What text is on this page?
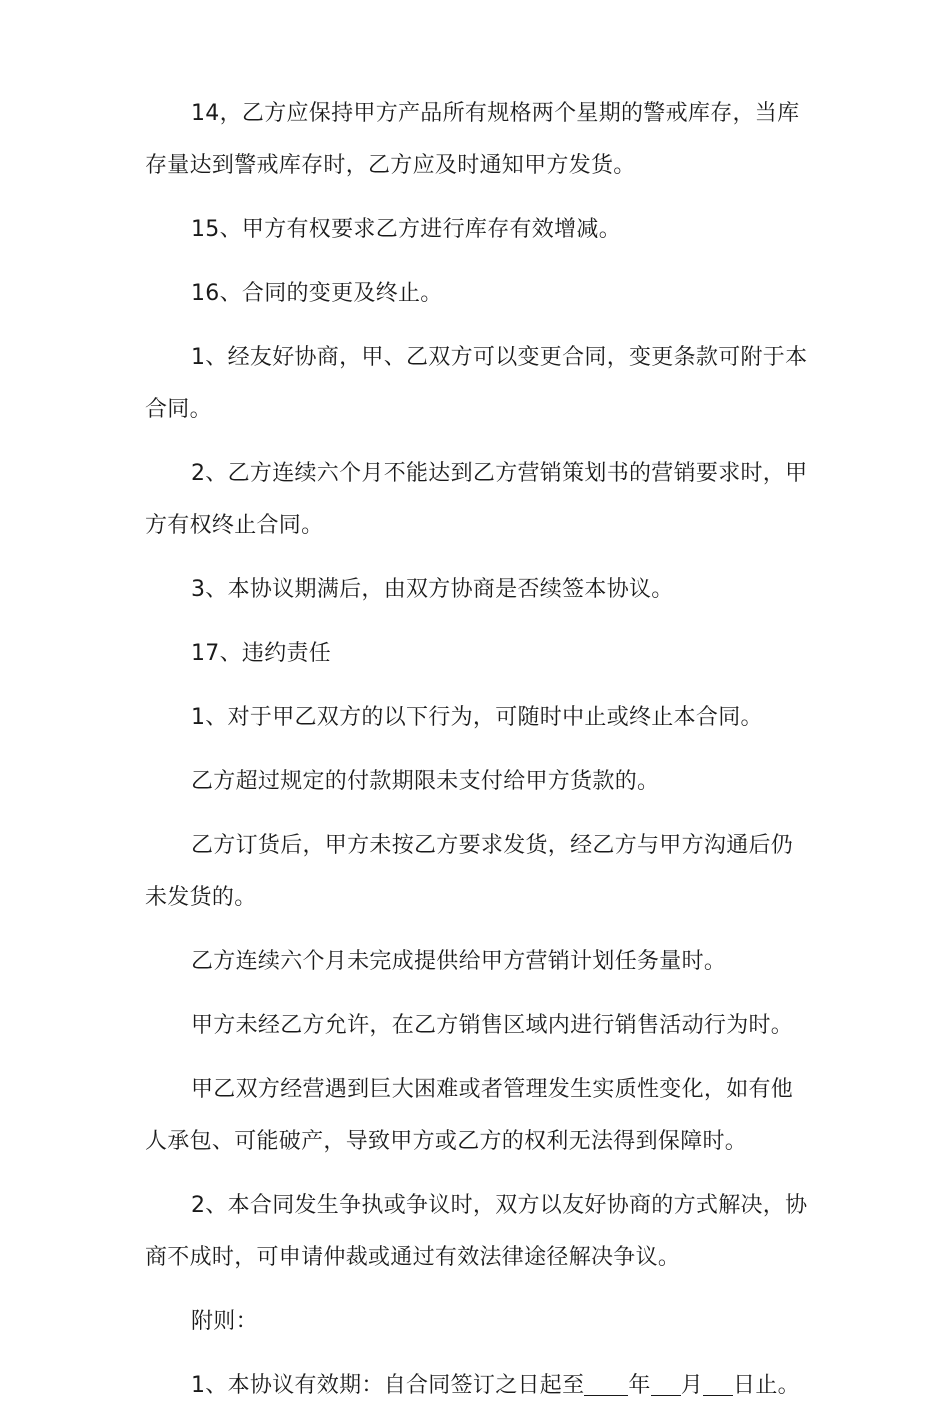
14，乙方应保持甲方产品所有规格两个星期的警戒库存，当库存量达到警戒库存时，乙方应及时通知甲方发货。

15、甲方有权要求乙方进行库存有效增减。

16、合同的变更及终止。

1、经友好协商，甲、乙双方可以变更合同，变更条款可附于本合同。

2、乙方连续六个月不能达到乙方营销策划书的营销要求时，甲方有权终止合同。

3、本协议期满后，由双方协商是否续签本协议。

17、违约责任

1、对于甲乙双方的以下行为，可随时中止或终止本合同。

乙方超过规定的付款期限未支付给甲方货款的。

乙方订货后，甲方未按乙方要求发货，经乙方与甲方沟通后仍未发货的。

乙方连续六个月未完成提供给甲方营销计划任务量时。

甲方未经乙方允许，在乙方销售区域内进行销售活动行为时。

甲乙双方经营遇到巨大困难或者管理发生实质性变化，如有他人承包、可能破产，导致甲方或乙方的权利无法得到保障时。

2、本合同发生争执或争议时，双方以友好协商的方式解决，协商不成时，可申请仲裁或通过有效法律途径解决争议。

附则：

1、本协议有效期：自合同签订之日起至 年 月 日止。
